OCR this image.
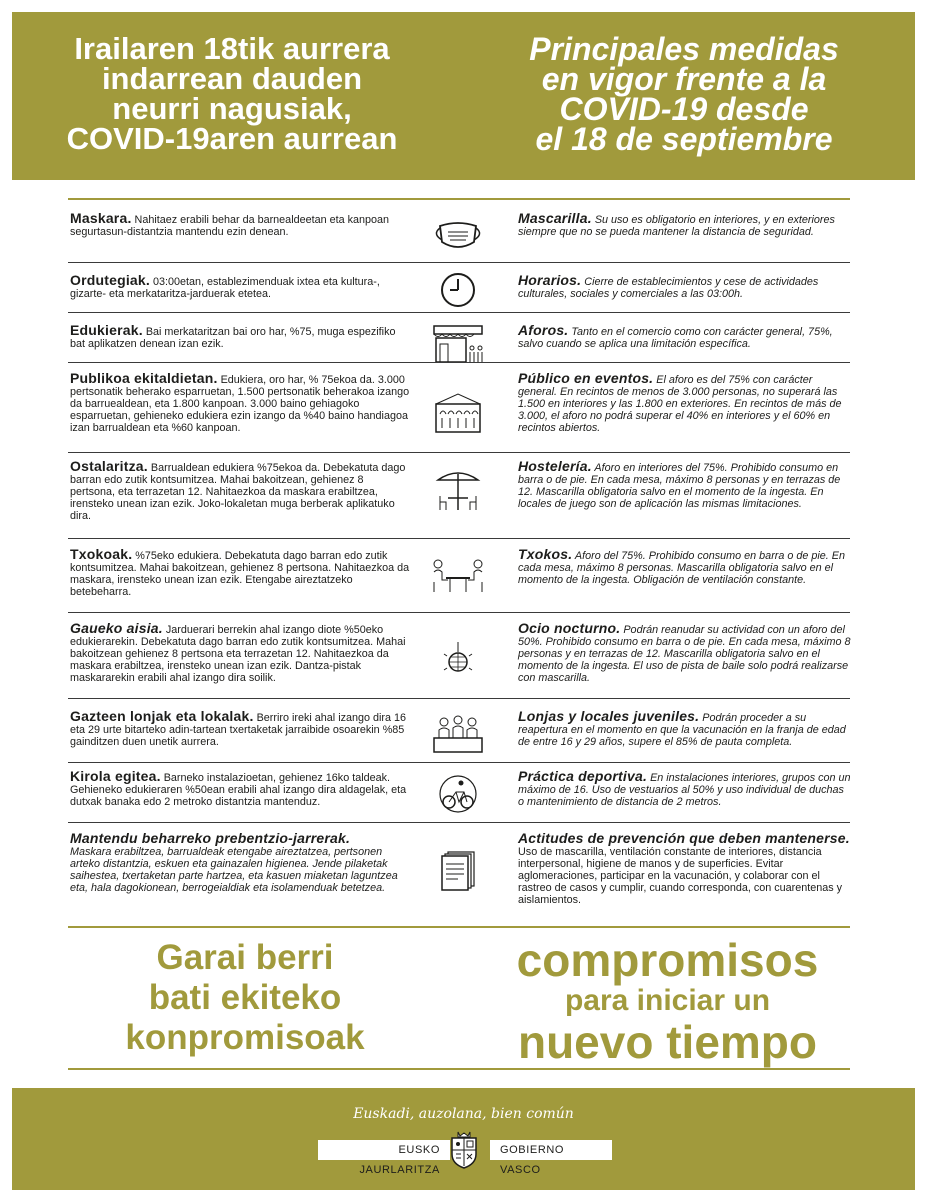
Irailaren 18tik aurrera
indarrean dauden
neurri nagusiak,
COVID-19aren aurrean
Principales medidas
en vigor frente a la
COVID-19 desde
el 18 de septiembre
Maskara. Nahitaez erabili behar da barnealdeetan eta kanpoan segurtasun-distantzia mantendu ezin denean.
Mascarilla. Su uso es obligatorio en interiores, y en exteriores siempre que no se pueda mantener la distancia de seguridad.
Ordutegiak. 03:00etan, establezimenduak ixtea eta kultura-, gizarte- eta merkataritza-jarduerak etetea.
Horarios. Cierre de establecimientos y cese de actividades culturales, sociales y comerciales a las 03:00h.
Edukierak. Bai merkataritzan bai oro har, %75, muga espezifiko bat aplikatzen denean izan ezik.
Aforos. Tanto en el comercio como con carácter general, 75%, salvo cuando se aplica una limitación específica.
Publikoa ekitaldietan. Edukiera, oro har, % 75ekoa da. 3.000 pertsonatik beherako esparruetan, 1.500 pertsonatik beherakoa izango da barruealdean, eta 1.800 kanpoan. 3.000 baino gehiagoko esparruetan, gehieneko edukiera ezin izango da %40 baino handiagoa izan barrualdean eta %60 kanpoan.
Público en eventos. El aforo es del 75% con carácter general. En recintos de menos de 3.000 personas, no superará las 1.500 en interiores y las 1.800 en exteriores. En recintos de más de 3.000, el aforo no podrá superar el 40% en interiores y el 60% en recintos abiertos.
Ostalaritza. Barrualdean edukiera %75ekoa da. Debekatuta dago barran edo zutik kontsumitzea. Mahai bakoitzean, gehienez 8 pertsona, eta terrazetan 12. Nahitaezkoa da maskara erabiltzea, irensteko unean izan ezik. Joko-lokaletan muga berberak aplikatuko dira.
Hostelería. Aforo en interiores del 75%. Prohibido consumo en barra o de pie. En cada mesa, máximo 8 personas y en terrazas de 12. Mascarilla obligatoria salvo en el momento de la ingesta. En locales de juego son de aplicación las mismas limitaciones.
Txokoak. %75eko edukiera. Debekatuta dago barran edo zutik kontsumitzea. Mahai bakoitzean, gehienez 8 pertsona. Nahitaezkoa da maskara, irensteko unean izan ezik. Etengabe aireztatzeko betebeharra.
Txokos. Aforo del 75%. Prohibido consumo en barra o de pie. En cada mesa, máximo 8 personas. Mascarilla obligatoria salvo en el momento de la ingesta. Obligación de ventilación constante.
Gaueko aisia. Jarduerari berrekin ahal izango diote %50eko edukierarekin. Debekatuta dago barran edo zutik kontsumitzea. Mahai bakoitzean gehienez 8 pertsona eta terrazetan 12. Nahitaezkoa da maskara erabiltzea, irensteko unean izan ezik. Dantza-pistak maskararekin erabili ahal izango dira soilik.
Ocio nocturno. Podrán reanudar su actividad con un aforo del 50%. Prohibido consumo en barra o de pie. En cada mesa, máximo 8 personas y en terrazas de 12. Mascarilla obligatoria salvo en el momento de la ingesta. El uso de pista de baile solo podrá realizarse con mascarilla.
Gazteen lonjak eta lokalak. Berriro ireki ahal izango dira 16 eta 29 urte bitarteko adin-tartean txertaketak jarraibide osoarekin %85 gainditzen duen unetik aurrera.
Lonjas y locales juveniles. Podrán proceder a su reapertura en el momento en que la vacunación en la franja de edad de entre 16 y 29 años, supere el 85% de pauta completa.
Kirola egitea. Barneko instalazioetan, gehienez 16ko taldeak. Gehieneko edukieraren %50ean erabili ahal izango dira aldagelak, eta dutxak banaka edo 2 metroko distantzia mantenduz.
Práctica deportiva. En instalaciones interiores, grupos con un máximo de 16. Uso de vestuarios al 50% y uso individual de duchas o mantenimiento de distancia de 2 metros.
Mantendu beharreko prebentzio-jarrerak.
Maskara erabiltzea, barrualdeak etengabe aireztatzea, pertsonen arteko distantzia, eskuen eta gainazalen higienea. Jende pilaketak saihestea, txertaketan parte hartzea, eta kasuen miaketan laguntzea eta, hala dagokionean, berrogeialdiak eta isolamenduak betetzea.
Actitudes de prevención que deben mantenerse. Uso de mascarilla, ventilación constante de interiores, distancia interpersonal, higiene de manos y de superficies. Evitar aglomeraciones, participar en la vacunación, y colaborar con el rastreo de casos y cumplir, cuando corresponda, con cuarentenas y aislamientos.
Garai berri
bati ekiteko
konpromisoak
compromisos
para iniciar un
nuevo tiempo
Euskadi, auzolana, bien común
EUSKO JAURLARITZA
GOBIERNO VASCO
